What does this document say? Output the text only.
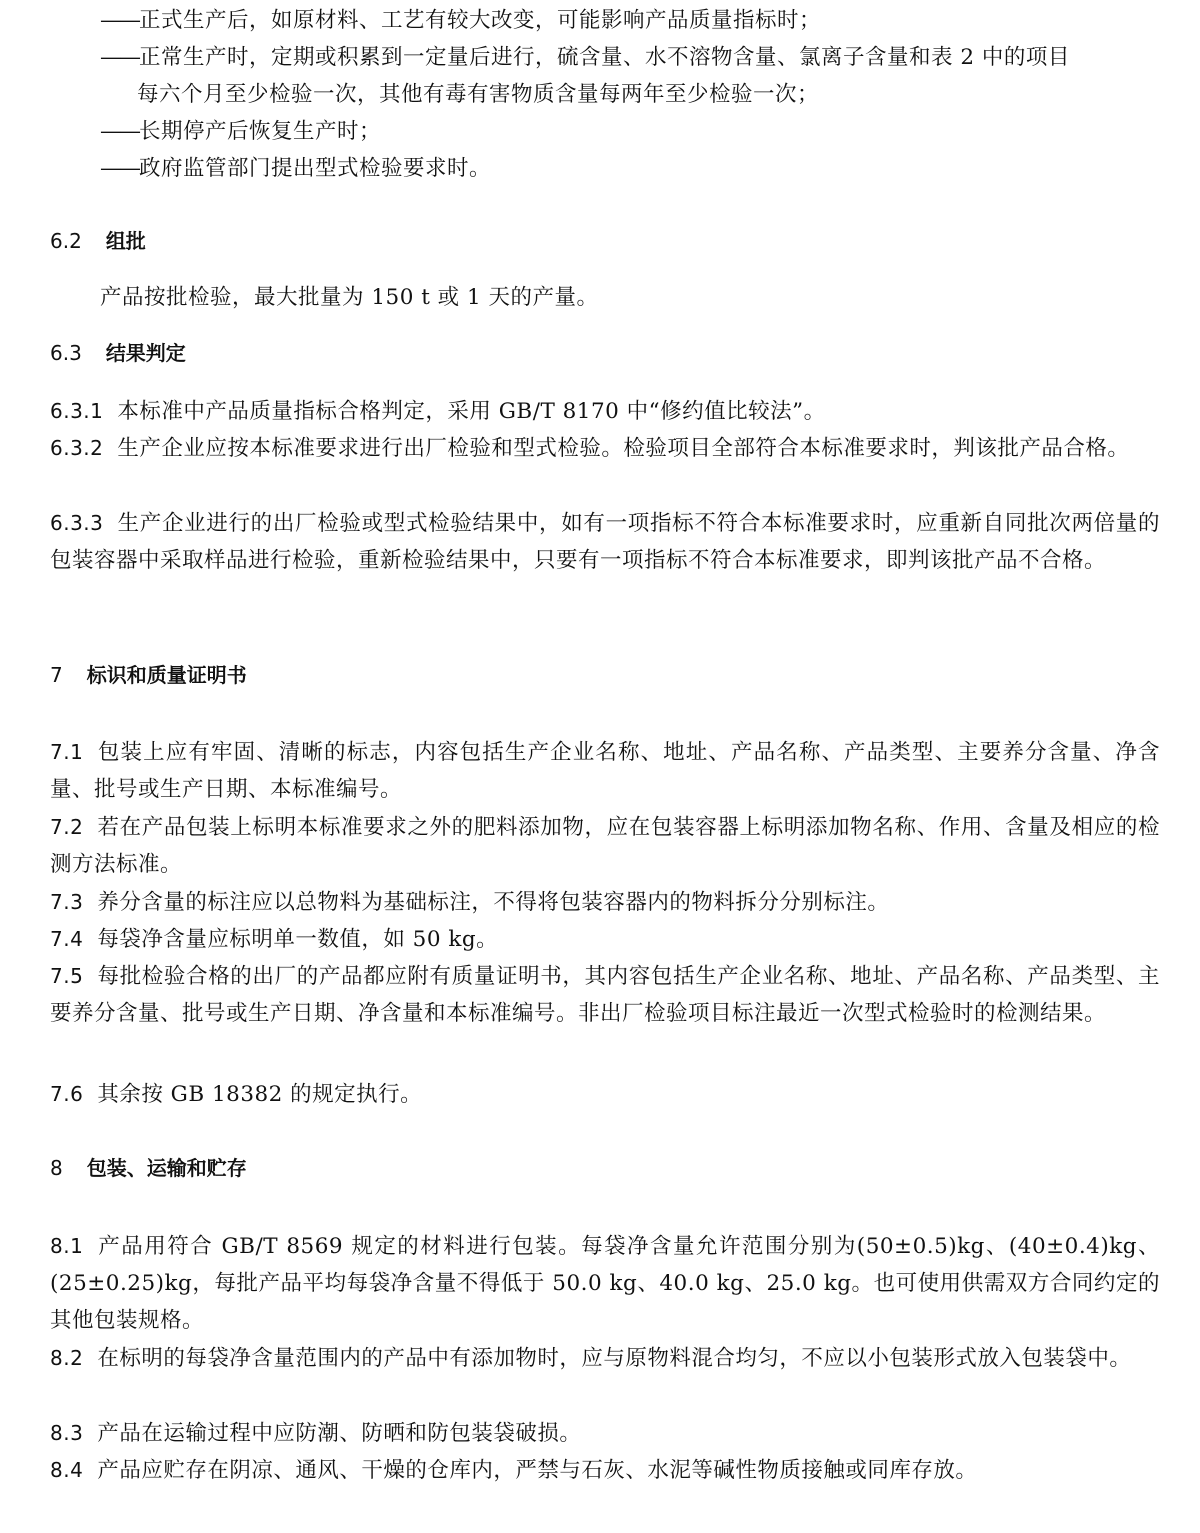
——正式生产后，如原材料、工艺有较大改变，可能影响产品质量指标时；

——正常生产时，定期或积累到一定量后进行，硫含量、水不溶物含量、氯离子含量和表 2 中的项目

每六个月至少检验一次，其他有毒有害物质含量每两年至少检验一次；

——长期停产后恢复生产时；

——政府监管部门提出型式检验要求时。

6.2 组批

产品按批检验，最大批量为 150 t 或 1 天的产量。

6.3 结果判定

6.3.1 本标准中产品质量指标合格判定，采用 GB/T 8170 中“修约值比较法”。

6.3.2 生产企业应按本标准要求进行出厂检验和型式检验。检验项目全部符合本标准要求时，判该批产品合格。

6.3.3 生产企业进行的出厂检验或型式检验结果中，如有一项指标不符合本标准要求时，应重新自同批次两倍量的包装容器中采取样品进行检验，重新检验结果中，只要有一项指标不符合本标准要求，即判该批产品不合格。

7 标识和质量证明书

7.1 包装上应有牢固、清晰的标志，内容包括生产企业名称、地址、产品名称、产品类型、主要养分含量、净含量、批号或生产日期、本标准编号。

7.2 若在产品包装上标明本标准要求之外的肥料添加物，应在包装容器上标明添加物名称、作用、含量及相应的检测方法标准。

7.3 养分含量的标注应以总物料为基础标注，不得将包装容器内的物料拆分分别标注。

7.4 每袋净含量应标明单一数值，如 50 kg。

7.5 每批检验合格的出厂的产品都应附有质量证明书，其内容包括生产企业名称、地址、产品名称、产品类型、主要养分含量、批号或生产日期、净含量和本标准编号。非出厂检验项目标注最近一次型式检验时的检测结果。

7.6 其余按 GB 18382 的规定执行。

8 包装、运输和贮存

8.1 产品用符合 GB/T 8569 规定的材料进行包装。每袋净含量允许范围分别为(50±0.5)kg、(40±0.4)kg、(25±0.25)kg，每批产品平均每袋净含量不得低于 50.0 kg、40.0 kg、25.0 kg。也可使用供需双方合同约定的其他包装规格。

8.2 在标明的每袋净含量范围内的产品中有添加物时，应与原物料混合均匀，不应以小包装形式放入包装袋中。

8.3 产品在运输过程中应防潮、防晒和防包装袋破损。

8.4 产品应贮存在阴凉、通风、干燥的仓库内，严禁与石灰、水泥等碱性物质接触或同库存放。
